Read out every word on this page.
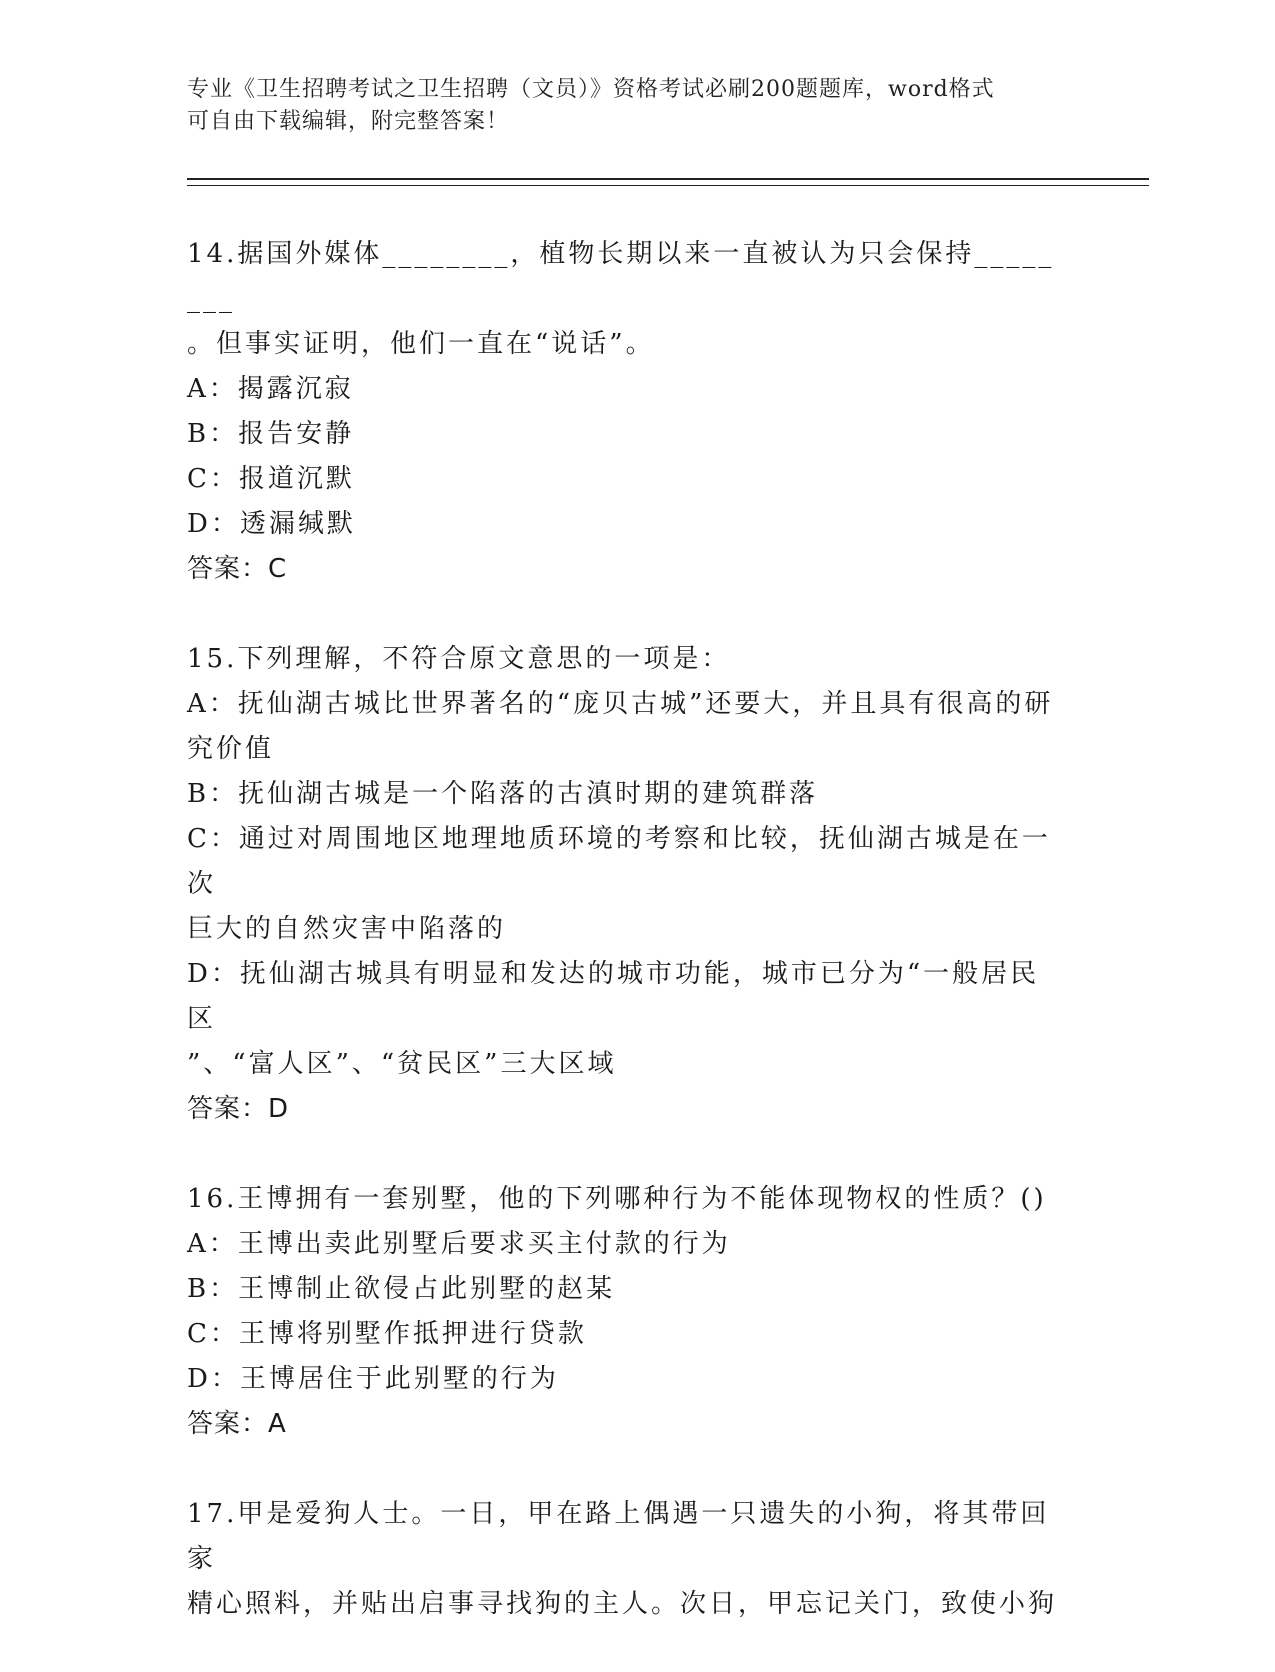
专业《卫生招聘考试之卫生招聘（文员）》资格考试必刷200题题库，word格式
可自由下载编辑，附完整答案！
14.据国外媒体________，植物长期以来一直被认为只会保持________
。但事实证明，他们一直在“说话”。
A：揭露沉寂
B：报告安静
C：报道沉默
D：透漏缄默
答案：C
15.下列理解，不符合原文意思的一项是：
A：抚仙湖古城比世界著名的“庞贝古城”还要大，并且具有很高的研
究价值
B：抚仙湖古城是一个陷落的古滇时期的建筑群落
C：通过对周围地区地理地质环境的考察和比较，抚仙湖古城是在一次
巨大的自然灾害中陷落的
D：抚仙湖古城具有明显和发达的城市功能，城市已分为“一般居民区
”、“富人区”、“贫民区”三大区域
答案：D
16.王博拥有一套别墅，他的下列哪种行为不能体现物权的性质？()
A：王博出卖此别墅后要求买主付款的行为
B：王博制止欲侵占此别墅的赵某
C：王博将别墅作抵押进行贷款
D：王博居住于此别墅的行为
答案：A
17.甲是爱狗人士。一日，甲在路上偶遇一只遗失的小狗，将其带回家
精心照料，并贴出启事寻找狗的主人。次日，甲忘记关门，致使小狗
